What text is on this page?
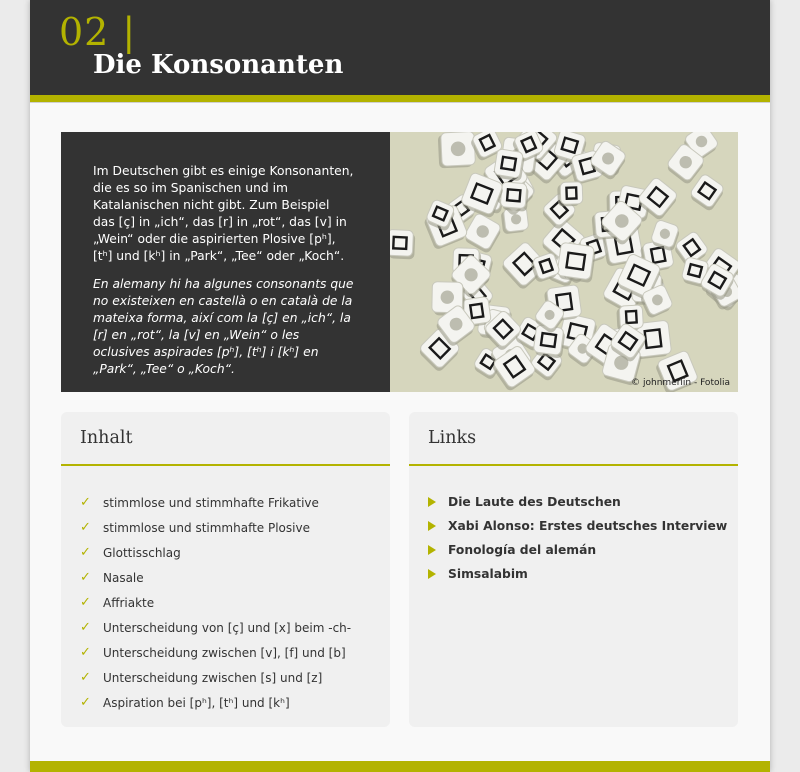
02 |
Die Konsonanten

Im Deutschen gibt es einige Konsonanten, die es so im Spanischen und im Katalanischen nicht gibt. Zum Beispiel das [ç] in „ich“, das [r] in „rot“, das [v] in „Wein“ oder die aspirierten Plosive [pʰ], [tʰ] und [kʰ] in „Park“, „Tee“ oder „Koch“.

En alemany hi ha algunes consonants que no existeixen en castellà o en català de la mateixa forma, així com la [ç] en „ich“, la [r] en „rot“, la [v] en „Wein“ o les oclusives aspirades [pʰ], [tʰ] i [kʰ] en „Park“, „Tee“ o „Koch“.

© johnmerlin - Fotolia
Inhalt
✓	stimmlose und stimmhafte Frikative
✓	stimmlose und stimmhafte Plosive
✓	Glottisschlag
✓	Nasale
✓	Affriakte
✓	Unterscheidung von [ç] und [x] beim -ch-
✓	Unterscheidung zwischen [v], [f] und [b]
✓	Unterscheidung zwischen [s] und [z]
✓	Aspiration bei [pʰ], [tʰ] und [kʰ]
Links
Die Laute des Deutschen
Xabi Alonso: Erstes deutsches Interview
Fonología del alemán
Simsalabim
